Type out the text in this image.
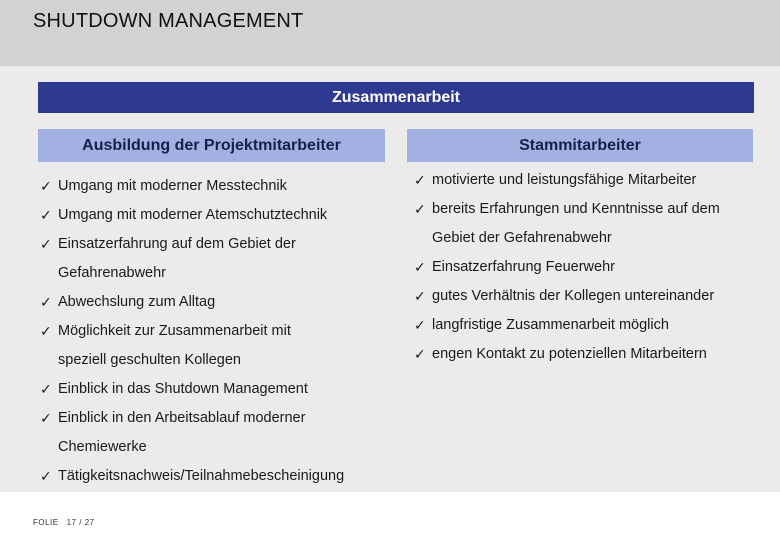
SHUTDOWN MANAGEMENT
Zusammenarbeit
Ausbildung der Projektmitarbeiter	Stammitarbeiter
✓ Umgang mit moderner Messtechnik
✓ Umgang mit moderner Atemschutztechnik
✓ Einsatzerfahrung auf dem Gebiet der
Gefahrenabwehr
✓ Abwechslung zum Alltag
✓ Möglichkeit zur Zusammenarbeit mit
speziell geschulten Kollegen
✓ Einblick in das Shutdown Management
✓ Einblick in den Arbeitsablauf moderner
Chemiewerke
✓ Tätigkeitsnachweis/Teilnahmebescheinigung
✓ motivierte und leistungsfähige Mitarbeiter
✓ bereits Erfahrungen und Kenntnisse auf dem
Gebiet der Gefahrenabwehr
✓ Einsatzerfahrung Feuerwehr
✓ gutes Verhältnis der Kollegen untereinander
✓ langfristige Zusammenarbeit möglich
✓ engen Kontakt zu potenziellen Mitarbeitern
FOLIE 17 / 27
